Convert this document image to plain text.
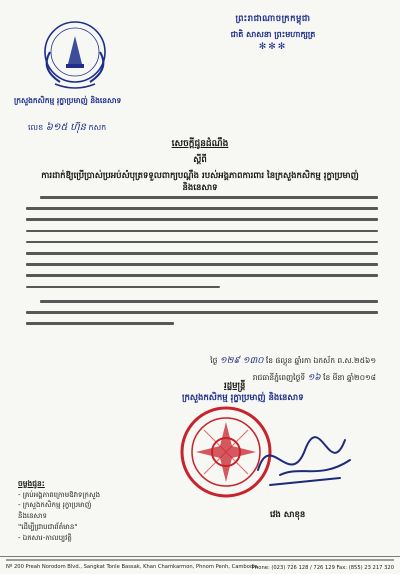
ព្រះរាជាណាចក្រកម្ពុជា
ជាតិ សាសនា ព្រះមហាក្សត្រ
✻✻✻
ក្រសួងកសិកម្ម រុក្ខាប្រមាញ់ និងនេសាទ
លេខ ៦១៥ ហ៊ុន កសក
សេចក្ដីជូនដំណឹង
ស្ដីពី
ការដាក់ឱ្យប្រើប្រាស់ប្រអប់សំបុត្រទទួលពាក្យបណ្ដឹង របស់អង្គភាពការពារ នៃក្រសួងកសិកម្ម រុក្ខាប្រមាញ់ និងនេសាទ
ថ្ងៃ ១២៩ ១៣០ ខែ ផល្គុន ឆ្នាំរកា ឯកស័ក ព.ស.២៥៦១
រាជធានីភ្នំពេញថ្ងៃទី ១៦ ខែ មីនា ឆ្នាំ២០១៨
រដ្ឋមន្ត្រី
ក្រសួងកសិកម្ម រុក្ខាប្រមាញ់ និងនេសាទ
វេង សាខុន
ចម្លងជូន:
- គ្រប់អង្គភាពក្រោមឱវាទក្រសួង
- ក្រសួងកសិកម្ម រុក្ខាប្រមាញ់
និងនេសាទ
"ដើម្បីជ្រាបជាព័ត៌មាន"
- ឯកសារ-កាលប្បវត្តិ
Nº 200 Preah Norodom Blvd., Sangkat Tonle Bassak, Khan Chamkarmon, Phnom Penh, Cambodia
Phone: (023) 726 128 / 726 129 Fax: (855) 23 217 320
